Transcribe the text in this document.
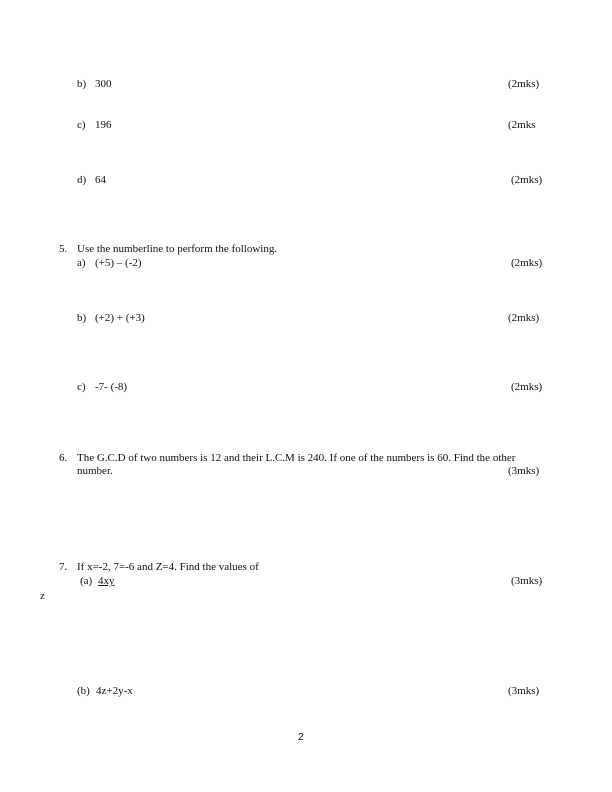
b) 300	(2mks)
c) 196	(2mks
d) 64	(2mks)
5. Use the numberline to perform the following.
a) (+5) – (-2)	(2mks)
b) (+2) + (+3)	(2mks)
c) -7- (-8)	(2mks)
6. The G.C.D of two numbers is 12 and their L.C.M is 240. If one of the numbers is 60. Find the other
number.	(3mks)
7. If x=-2, 7=-6 and Z=4. Find the values of
(a) 4xy
z
(3mks)
(b) 4z+2y-x	(3mks)
2
